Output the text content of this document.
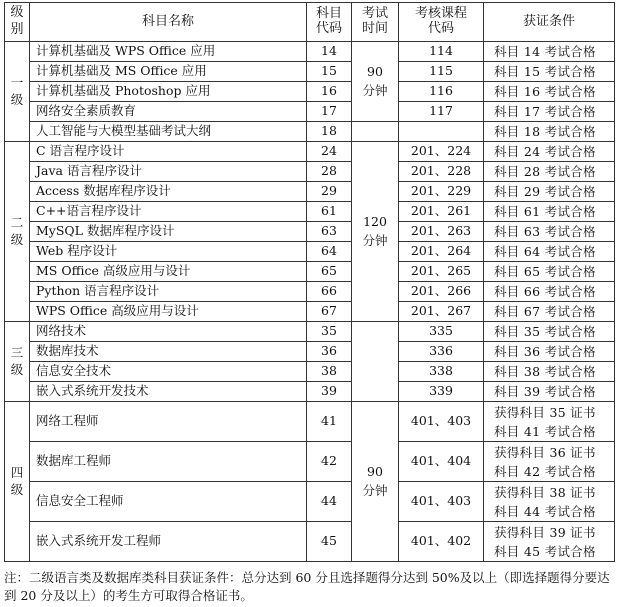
级别	科目名称	科目代码	考试时间	考核课程代码	获证条件
一级	计算机基础及 WPS Office 应用	14	90分钟	114	科目 14 考试合格

	计算机基础及 MS Office 应用	15		115	科目 15 考试合格

	计算机基础及 Photoshop 应用	16		116	科目 16 考试合格

	网络安全素质教育	17		117	科目 17 考试合格

	人工智能与大模型基础考试大纲	18			科目 18 考试合格

二级	C 语言程序设计	24	120分钟	201、224	科目 24 考试合格

	Java 语言程序设计	28		201、228	科目 28 考试合格

	Access 数据库程序设计	29		201、229	科目 29 考试合格

	C++语言程序设计	61		201、261	科目 61 考试合格

	MySQL 数据库程序设计	63		201、263	科目 63 考试合格

	Web 程序设计	64		201、264	科目 64 考试合格

	MS Office 高级应用与设计	65		201、265	科目 65 考试合格

	Python 语言程序设计	66		201、266	科目 66 考试合格

	WPS Office 高级应用与设计	67		201、267	科目 67 考试合格

三级	网络技术	35		335	科目 35 考试合格

	数据库技术	36		336	科目 36 考试合格

	信息安全技术	38		338	科目 38 考试合格

	嵌入式系统开发技术	39		339	科目 39 考试合格

四级	网络工程师	41	90分钟	401、403	获得科目 35 证书
科目 41 考试合格

	数据库工程师	42		401、404	获得科目 36 证书
科目 42 考试合格

	信息安全工程师	44		401、403	获得科目 38 证书
科目 44 考试合格

	嵌入式系统开发工程师	45		401、402	获得科目 39 证书
科目 45 考试合格
注：二级语言类及数据库类科目获证条件：总分达到 60 分且选择题得分达到 50%及以上（即选择题得分要达到 20 分及以上）的考生方可取得合格证书。
